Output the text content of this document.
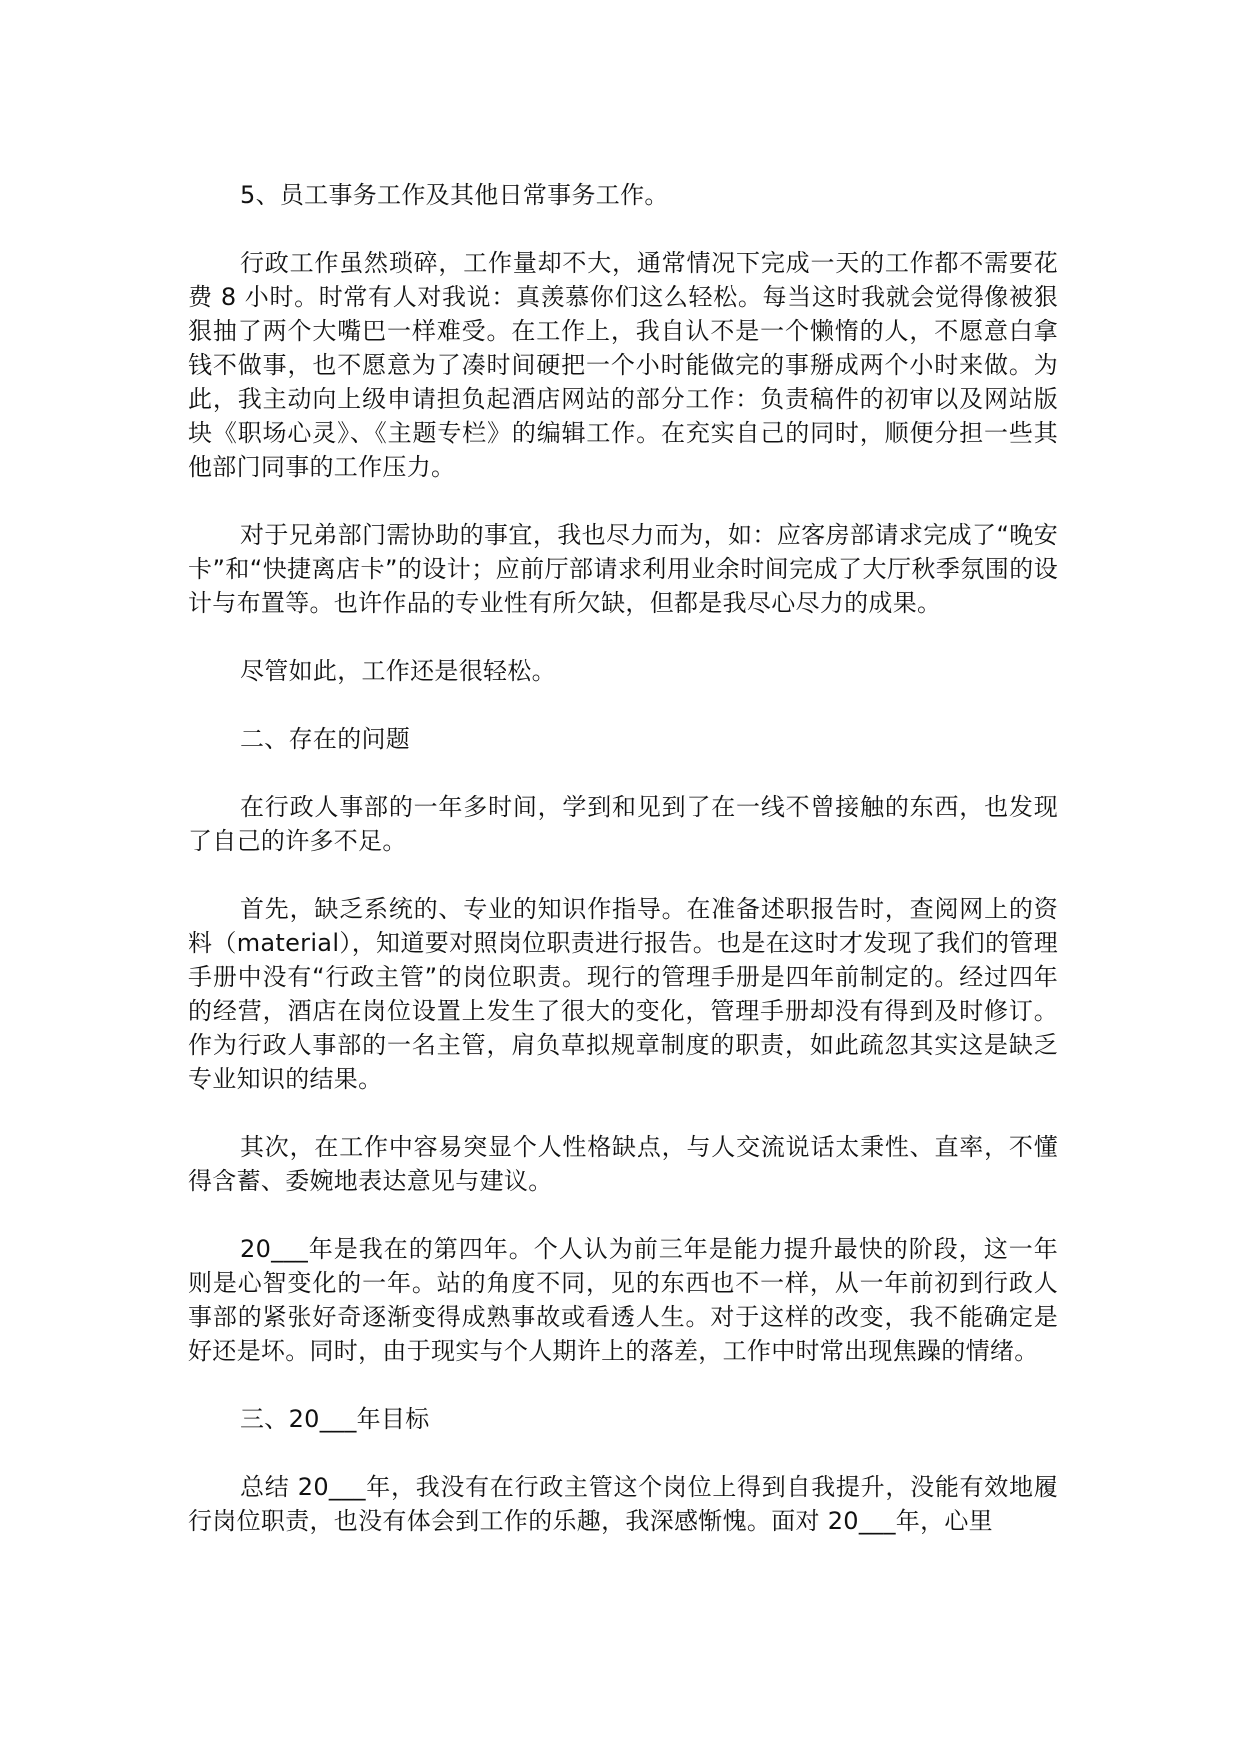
5、员工事务工作及其他日常事务工作。

行政工作虽然琐碎，工作量却不大，通常情况下完成一天的工作都不需要花费 8 小时。时常有人对我说：真羡慕你们这么轻松。每当这时我就会觉得像被狠狠抽了两个大嘴巴一样难受。在工作上，我自认不是一个懒惰的人，不愿意白拿钱不做事，也不愿意为了凑时间硬把一个小时能做完的事掰成两个小时来做。为此，我主动向上级申请担负起酒店网站的部分工作：负责稿件的初审以及网站版块《职场心灵》、《主题专栏》的编辑工作。在充实自己的同时，顺便分担一些其他部门同事的工作压力。

对于兄弟部门需协助的事宜，我也尽力而为，如：应客房部请求完成了“晚安卡”和“快捷离店卡”的设计；应前厅部请求利用业余时间完成了大厅秋季氛围的设计与布置等。也许作品的专业性有所欠缺，但都是我尽心尽力的成果。

尽管如此，工作还是很轻松。

二、存在的问题

在行政人事部的一年多时间，学到和见到了在一线不曾接触的东西，也发现了自己的许多不足。

首先，缺乏系统的、专业的知识作指导。在准备述职报告时，查阅网上的资料（material），知道要对照岗位职责进行报告。也是在这时才发现了我们的管理手册中没有“行政主管”的岗位职责。现行的管理手册是四年前制定的。经过四年的经营，酒店在岗位设置上发生了很大的变化，管理手册却没有得到及时修订。作为行政人事部的一名主管，肩负草拟规章制度的职责，如此疏忽其实这是缺乏专业知识的结果。

其次，在工作中容易突显个人性格缺点，与人交流说话太秉性、直率，不懂得含蓄、委婉地表达意见与建议。

20___年是我在的第四年。个人认为前三年是能力提升最快的阶段，这一年则是心智变化的一年。站的角度不同，见的东西也不一样，从一年前初到行政人事部的紧张好奇逐渐变得成熟事故或看透人生。对于这样的改变，我不能确定是好还是坏。同时，由于现实与个人期许上的落差，工作中时常出现焦躁的情绪。

三、20___年目标

总结 20___年，我没有在行政主管这个岗位上得到自我提升，没能有效地履行岗位职责，也没有体会到工作的乐趣，我深感惭愧。面对 20___年，心里
